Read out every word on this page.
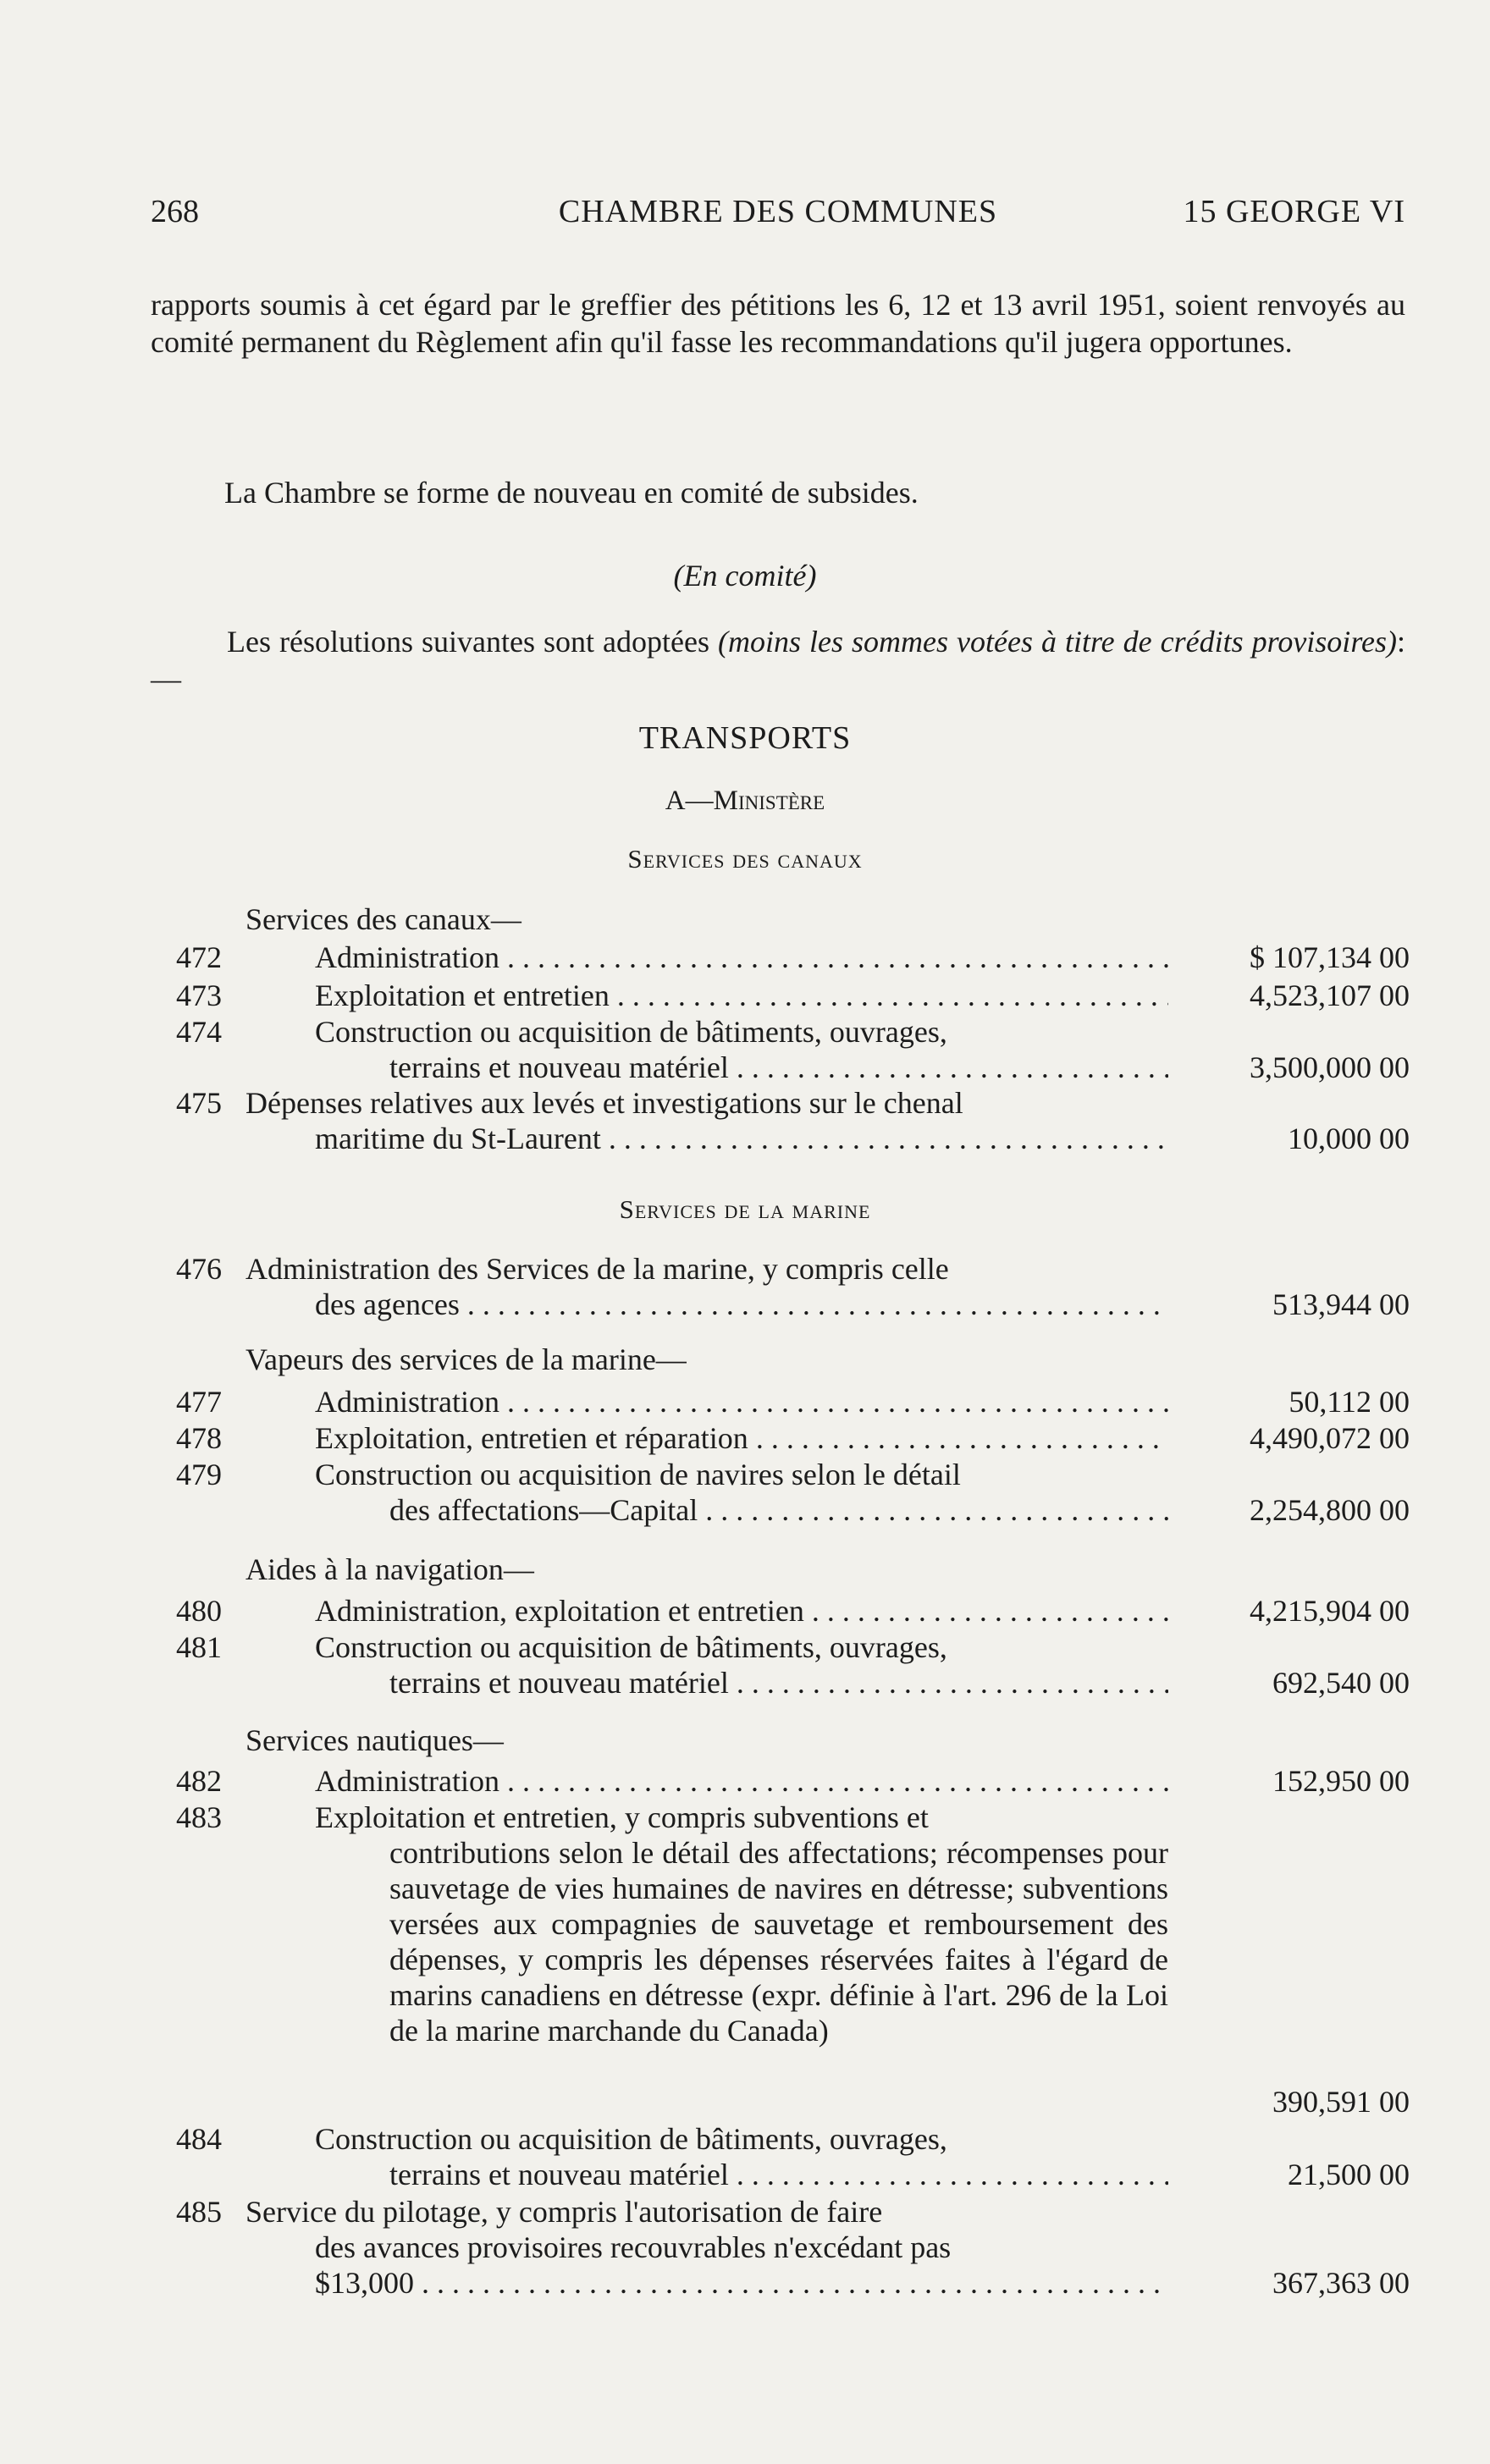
268	CHAMBRE DES COMMUNES	15 GEORGE VI
rapports soumis à cet égard par le greffier des pétitions les 6, 12 et 13 avril 1951, soient renvoyés au comité permanent du Règlement afin qu'il fasse les recommandations qu'il jugera opportunes.
La Chambre se forme de nouveau en comité de subsides.
(En comité)
Les résolutions suivantes sont adoptées (moins les sommes votées à titre de crédits provisoires):—
TRANSPORTS
A—Ministère
Services des canaux
Services des canaux—
472	Administration . . .	$ 107,134 00
473	Exploitation et entretien . . .	4,523,107 00
474	Construction ou acquisition de bâtiments, ouvrages,
terrains et nouveau matériel . . .	3,500,000 00
475 Dépenses relatives aux levés et investigations sur le chenal
maritime du St-Laurent . . .	10,000 00
Services de la marine
476 Administration des Services de la marine, y compris celle
des agences . . .	513,944 00
Vapeurs des services de la marine—
477	Administration . . .	50,112 00
478	Exploitation, entretien et réparation . . .	4,490,072 00
479	Construction ou acquisition de navires selon le détail
des affectations—Capital . . .	2,254,800 00
Aides à la navigation—
480	Administration, exploitation et entretien . . .	4,215,904 00
481	Construction ou acquisition de bâtiments, ouvrages,
terrains et nouveau matériel . . .	692,540 00
Services nautiques—
482	Administration . . .	152,950 00
483	Exploitation et entretien, y compris subventions et
contributions selon le détail des affectations; récompenses pour sauvetage de vies humaines de navires en détresse; subventions versées aux compagnies de sauvetage et remboursement des dépenses, y compris les dépenses réservées faites à l'égard de marins canadiens en détresse (expr. définie à l'art. 296 de la Loi de la marine marchande du Canada)
390,591 00
484	Construction ou acquisition de bâtiments, ouvrages,
terrains et nouveau matériel . . .	21,500 00
485 Service du pilotage, y compris l'autorisation de faire
des avances provisoires recouvrables n'excédant pas
$13,000 . . .	367,363 00
